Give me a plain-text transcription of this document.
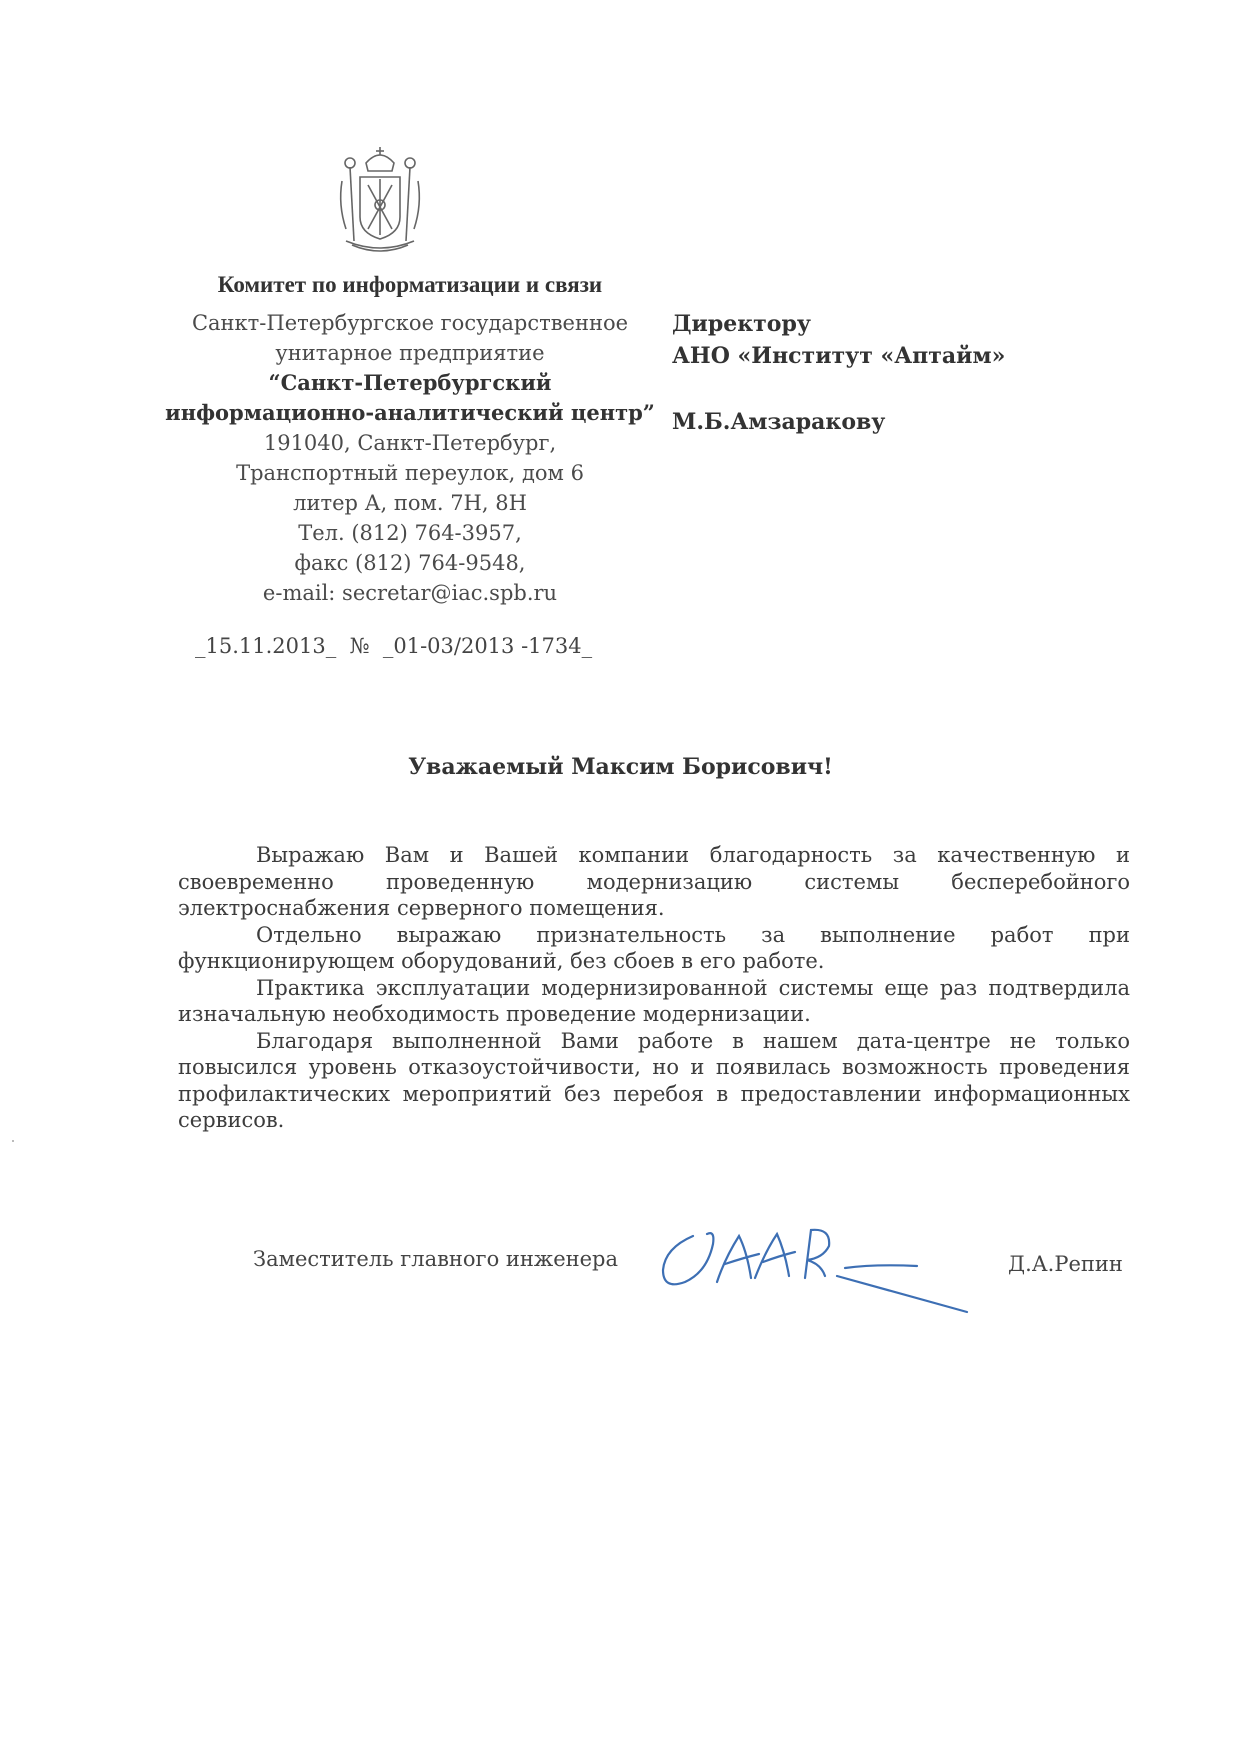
Комитет по информатизации и связи
Санкт-Петербургское государственное
унитарное предприятие
“Санкт-Петербургский
информационно-аналитический центр”
191040, Санкт-Петербург,
Транспортный переулок, дом 6
литер А, пом. 7Н, 8Н
Тел. (812) 764-3957,
факс (812) 764-9548,
e-mail: secretar@iac.spb.ru
_15.11.2013_ № _01-03/2013 -1734_
Директору
АНО «Институт «Аптайм»
М.Б.Амзаракову
Уважаемый Максим Борисович!

Выражаю Вам и Вашей компании благодарность за качественную и своевременно проведенную модернизацию системы бесперебойного электроснабжения серверного помещения.

Отдельно выражаю признательность за выполнение работ при функционирующем оборудований, без сбоев в его работе.

Практика эксплуатации модернизированной системы еще раз подтвердила изначальную необходимость проведение модернизации.

Благодаря выполненной Вами работе в нашем дата-центре не только повысился уровень отказоустойчивости, но и появилась возможность проведения профилактических мероприятий без перебоя в предоставлении информационных сервисов.

Заместитель главного инженера	Д.А.Репин
